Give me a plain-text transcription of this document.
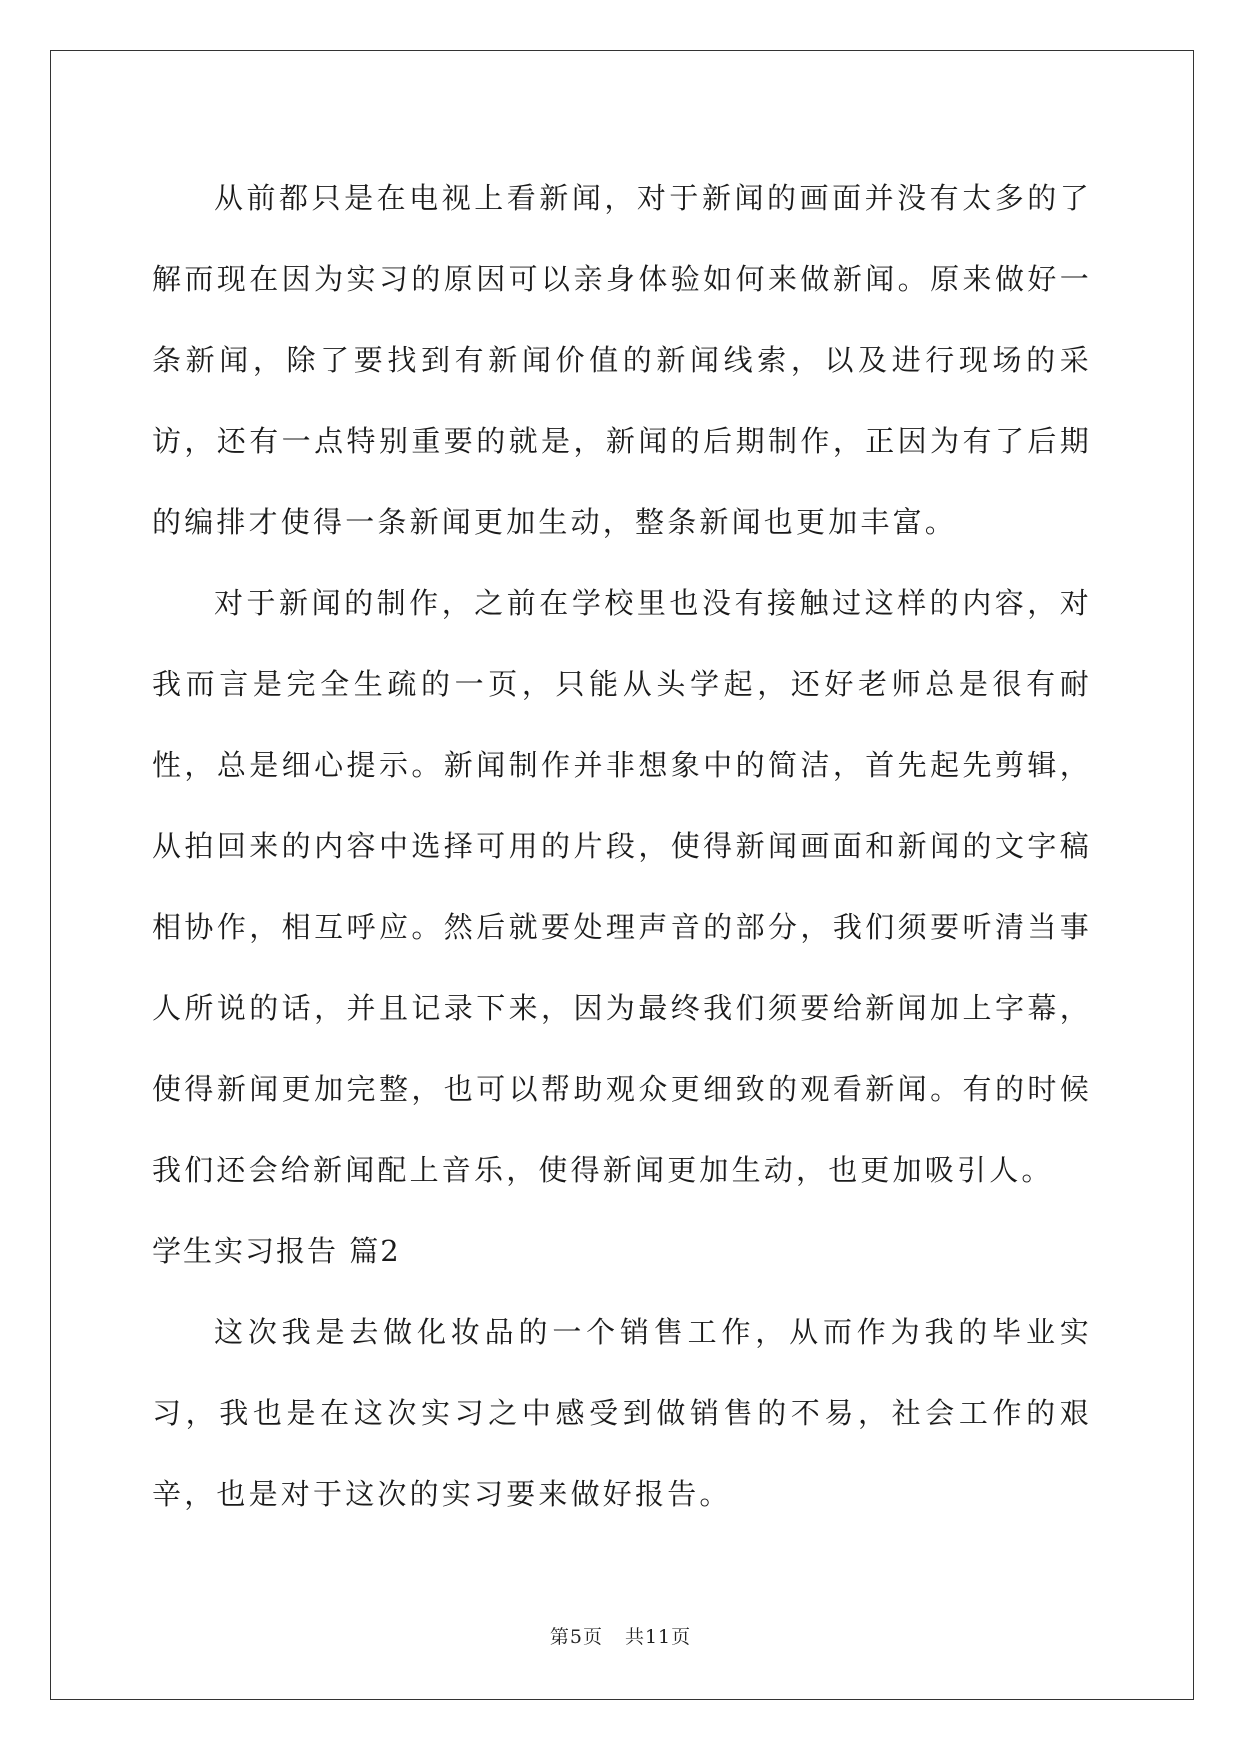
从前都只是在电视上看新闻，对于新闻的画面并没有太多的了解而现在因为实习的原因可以亲身体验如何来做新闻。原来做好一条新闻，除了要找到有新闻价值的新闻线索，以及进行现场的采访，还有一点特别重要的就是，新闻的后期制作，正因为有了后期的编排才使得一条新闻更加生动，整条新闻也更加丰富。

对于新闻的制作，之前在学校里也没有接触过这样的内容，对我而言是完全生疏的一页，只能从头学起，还好老师总是很有耐性，总是细心提示。新闻制作并非想象中的简洁，首先起先剪辑，从拍回来的内容中选择可用的片段，使得新闻画面和新闻的文字稿相协作，相互呼应。然后就要处理声音的部分，我们须要听清当事人所说的话，并且记录下来，因为最终我们须要给新闻加上字幕，使得新闻更加完整，也可以帮助观众更细致的观看新闻。有的时候我们还会给新闻配上音乐，使得新闻更加生动，也更加吸引人。

学生实习报告 篇2

这次我是去做化妆品的一个销售工作，从而作为我的毕业实习，我也是在这次实习之中感受到做销售的不易，社会工作的艰辛，也是对于这次的实习要来做好报告。

第5页 共11页
